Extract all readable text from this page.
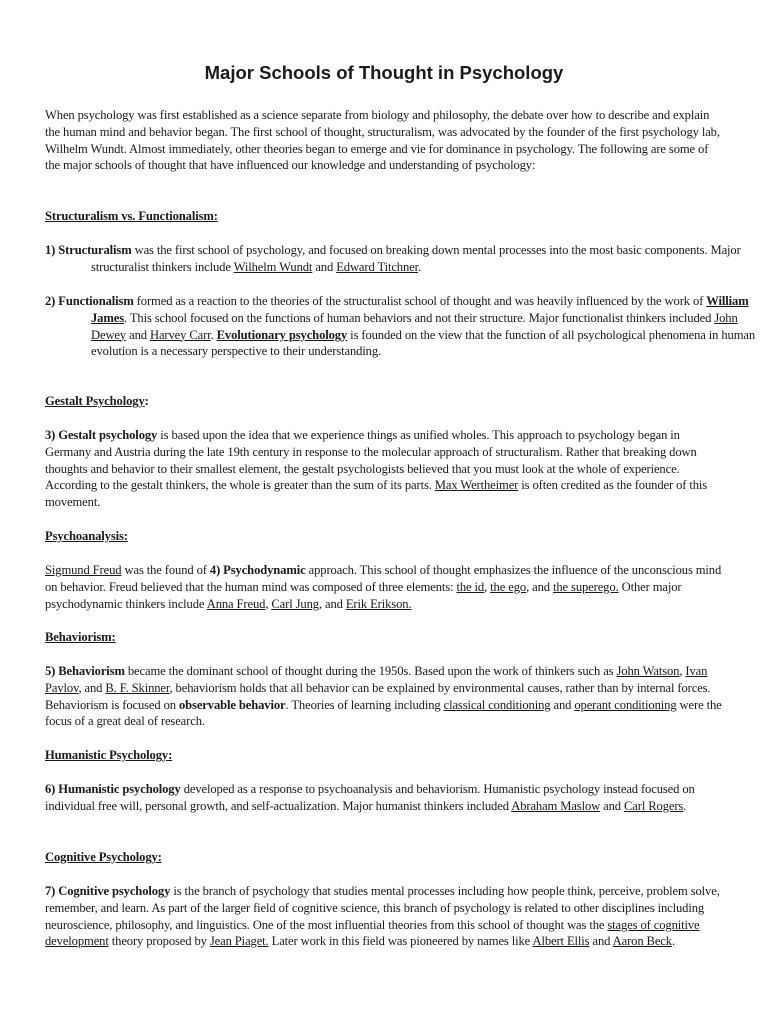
Major Schools of Thought in Psychology

When psychology was first established as a science separate from biology and philosophy, the debate over how to describe and explain the human mind and behavior began. The first school of thought, structuralism, was advocated by the founder of the first psychology lab, Wilhelm Wundt. Almost immediately, other theories began to emerge and vie for dominance in psychology. The following are some of the major schools of thought that have influenced our knowledge and understanding of psychology:

Structuralism vs. Functionalism:

1) Structuralism was the first school of psychology, and focused on breaking down mental processes into the most basic components. Major structuralist thinkers include Wilhelm Wundt and Edward Titchner.

2) Functionalism formed as a reaction to the theories of the structuralist school of thought and was heavily influenced by the work of William James. This school focused on the functions of human behaviors and not their structure. Major functionalist thinkers included John Dewey and Harvey Carr. Evolutionary psychology is founded on the view that the function of all psychological phenomena in human evolution is a necessary perspective to their understanding.

Gestalt Psychology:

3) Gestalt psychology is based upon the idea that we experience things as unified wholes. This approach to psychology began in Germany and Austria during the late 19th century in response to the molecular approach of structuralism. Rather that breaking down thoughts and behavior to their smallest element, the gestalt psychologists believed that you must look at the whole of experience. According to the gestalt thinkers, the whole is greater than the sum of its parts. Max Wertheimer is often credited as the founder of this movement.

Psychoanalysis:

Sigmund Freud was the found of 4) Psychodynamic approach. This school of thought emphasizes the influence of the unconscious mind on behavior. Freud believed that the human mind was composed of three elements: the id, the ego, and the superego. Other major psychodynamic thinkers include Anna Freud, Carl Jung, and Erik Erikson.

Behaviorism:

5) Behaviorism became the dominant school of thought during the 1950s. Based upon the work of thinkers such as John Watson, Ivan Pavlov, and B. F. Skinner, behaviorism holds that all behavior can be explained by environmental causes, rather than by internal forces. Behaviorism is focused on observable behavior. Theories of learning including classical conditioning and operant conditioning were the focus of a great deal of research.

Humanistic Psychology:

6) Humanistic psychology developed as a response to psychoanalysis and behaviorism. Humanistic psychology instead focused on individual free will, personal growth, and self-actualization. Major humanist thinkers included Abraham Maslow and Carl Rogers.

Cognitive Psychology:

7) Cognitive psychology is the branch of psychology that studies mental processes including how people think, perceive, problem solve, remember, and learn. As part of the larger field of cognitive science, this branch of psychology is related to other disciplines including neuroscience, philosophy, and linguistics. One of the most influential theories from this school of thought was the stages of cognitive development theory proposed by Jean Piaget. Later work in this field was pioneered by names like Albert Ellis and Aaron Beck.
